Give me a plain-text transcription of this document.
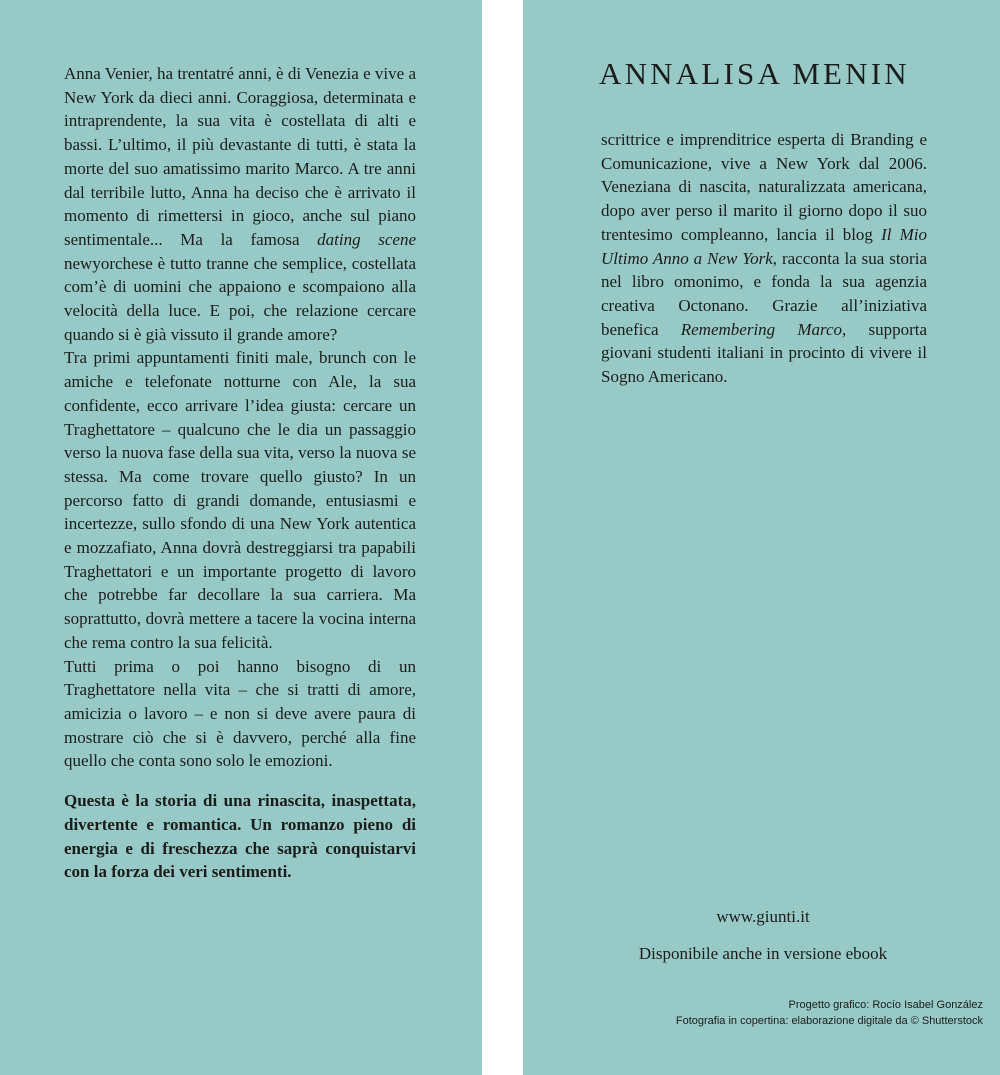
Anna Venier, ha trentatré anni, è di Venezia e vive a New York da dieci anni. Coraggiosa, determinata e intraprendente, la sua vita è costellata di alti e bassi. L’ultimo, il più devastante di tutti, è stata la morte del suo amatissimo marito Marco. A tre anni dal terribile lutto, Anna ha deciso che è arrivato il momento di rimettersi in gioco, anche sul piano sentimentale... Ma la famosa dating scene newyorchese è tutto tranne che semplice, costellata com’è di uomini che appaiono e scompaiono alla velocità della luce. E poi, che relazione cercare quando si è già vissuto il grande amore?

Tra primi appuntamenti finiti male, brunch con le amiche e telefonate notturne con Ale, la sua confidente, ecco arrivare l’idea giusta: cercare un Traghettatore – qualcuno che le dia un passaggio verso la nuova fase della sua vita, verso la nuova se stessa. Ma come trovare quello giusto? In un percorso fatto di grandi domande, entusiasmi e incertezze, sullo sfondo di una New York autentica e mozzafiato, Anna dovrà destreggiarsi tra papabili Traghettatori e un importante progetto di lavoro che potrebbe far decollare la sua carriera. Ma soprattutto, dovrà mettere a tacere la vocina interna che rema contro la sua felicità.

Tutti prima o poi hanno bisogno di un Traghettatore nella vita – che si tratti di amore, amicizia o lavoro – e non si deve avere paura di mostrare ciò che si è davvero, perché alla fine quello che conta sono solo le emozioni.

Questa è la storia di una rinascita, inaspettata, divertente e romantica. Un romanzo pieno di energia e di freschezza che saprà conquistarvi con la forza dei veri sentimenti.

ANNALISA MENIN

scrittrice e imprenditrice esperta di Branding e Comunicazione, vive a New York dal 2006. Veneziana di nascita, naturalizzata americana, dopo aver perso il marito il giorno dopo il suo trentesimo compleanno, lancia il blog Il Mio Ultimo Anno a New York, racconta la sua storia nel libro omonimo, e fonda la sua agenzia creativa Octonano. Grazie all’iniziativa benefica Remembering Marco, supporta giovani studenti italiani in procinto di vivere il Sogno Americano.

www.giunti.it
Disponibile anche in versione ebook
Progetto grafico: Rocío Isabel González
Fotografia in copertina: elaborazione digitale da © Shutterstock
